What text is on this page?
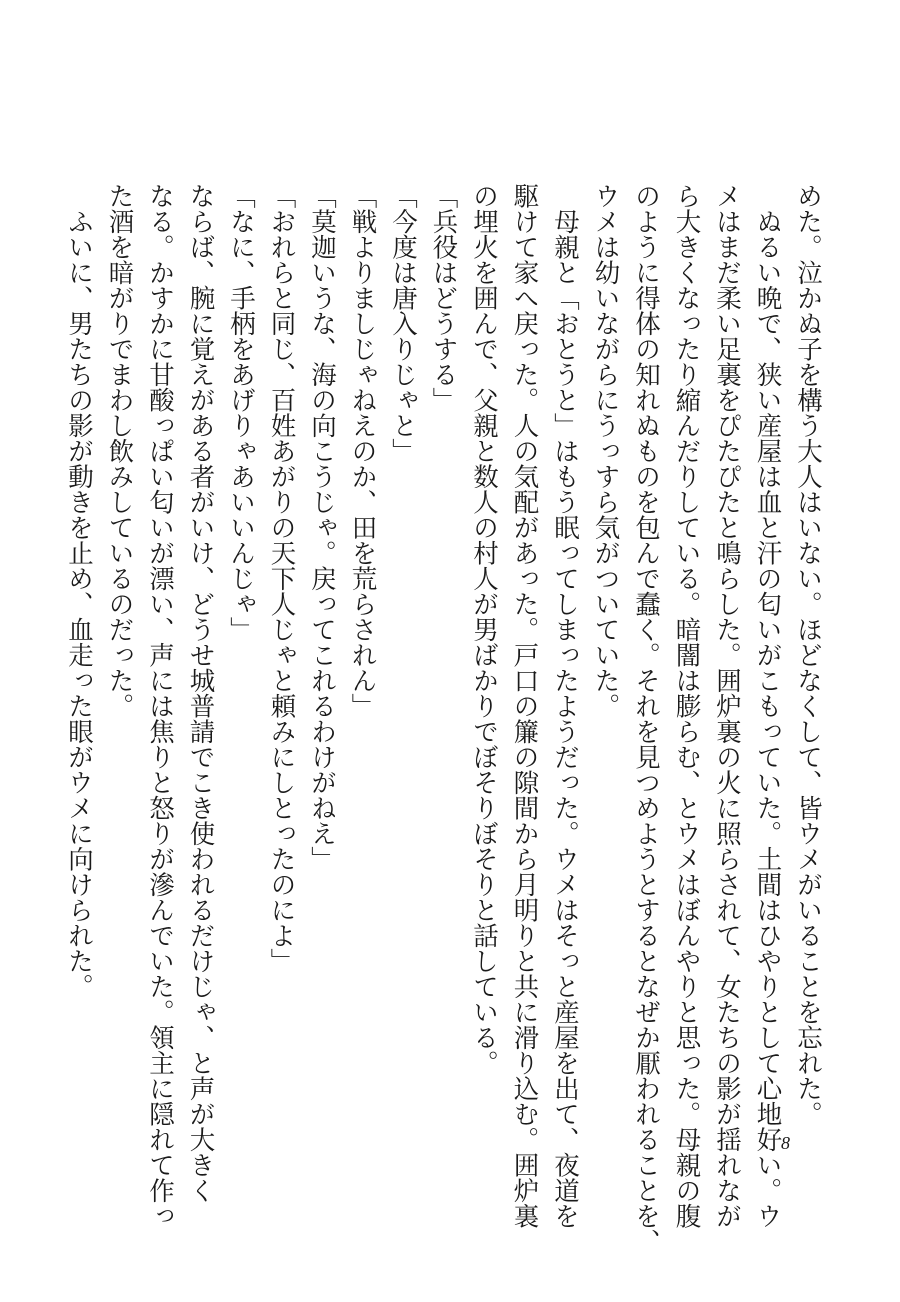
めた。泣かぬ子を構う大人はいない。ほどなくして、皆ウメがいることを忘れた。

　ぬるい晩で、狭い産屋は血と汗の匂いがこもっていた。土間はひやりとして心地好い。ウ

メはまだ柔い足裏をぴたぴたと鳴らした。囲炉裏の火に照らされて、女たちの影が揺れなが

ら大きくなったり縮んだりしている。暗闇は膨らむ、とウメはぼんやりと思った。母親の腹

のように得体の知れぬものを包んで蠢く。それを見つめようとするとなぜか厭われることを、

ウメは幼いながらにうっすら気がついていた。

　母親と「おとうと」はもう眠ってしまったようだった。ウメはそっと産屋を出て、夜道を

駆けて家へ戻った。人の気配があった。戸口の簾の隙間から月明りと共に滑り込む。囲炉裏

の埋火を囲んで、父親と数人の村人が男ばかりでぼそりぼそりと話している。

「兵役はどうする」

「今度は唐入りじゃと」

「戦よりましじゃねえのか、田を荒らされん」

「莫迦いうな、海の向こうじゃ。戻ってこれるわけがねえ」

「おれらと同じ、百姓あがりの天下人じゃと頼みにしとったのによ」

「なに、手柄をあげりゃあいいんじゃ」

ならば、腕に覚えがある者がいけ、どうせ城普請でこき使われるだけじゃ、と声が大きく

なる。かすかに甘酸っぱい匂いが漂い、声には焦りと怒りが滲んでいた。領主に隠れて作っ

た酒を暗がりでまわし飲みしているのだった。

　ふいに、男たちの影が動きを止め、血走った眼がウメに向けられた。

8
